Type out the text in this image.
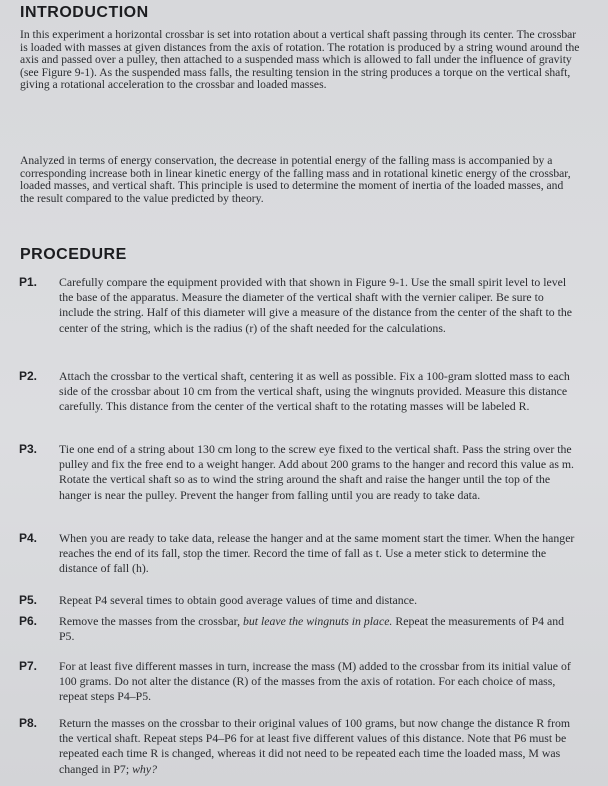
INTRODUCTION

In this experiment a horizontal crossbar is set into rotation about a vertical shaft passing through its center. The crossbar is loaded with masses at given distances from the axis of rotation. The rotation is produced by a string wound around the axis and passed over a pulley, then attached to a suspended mass which is allowed to fall under the influence of gravity (see Figure 9-1). As the suspended mass falls, the resulting tension in the string produces a torque on the vertical shaft, giving a rotational acceleration to the crossbar and loaded masses.

Analyzed in terms of energy conservation, the decrease in potential energy of the falling mass is accompanied by a corresponding increase both in linear kinetic energy of the falling mass and in rotational kinetic energy of the crossbar, loaded masses, and vertical shaft. This principle is used to determine the moment of inertia of the loaded masses, and the result compared to the value predicted by theory.

PROCEDURE
P1. Carefully compare the equipment provided with that shown in Figure 9-1. Use the small spirit level to level the base of the apparatus. Measure the diameter of the vertical shaft with the vernier caliper. Be sure to include the string. Half of this diameter will give a measure of the distance from the center of the shaft to the center of the string, which is the radius (r) of the shaft needed for the calculations.

P2. Attach the crossbar to the vertical shaft, centering it as well as possible. Fix a 100-gram slotted mass to each side of the crossbar about 10 cm from the vertical shaft, using the wingnuts provided. Measure this distance carefully. This distance from the center of the vertical shaft to the rotating masses will be labeled R.

P3. Tie one end of a string about 130 cm long to the screw eye fixed to the vertical shaft. Pass the string over the pulley and fix the free end to a weight hanger. Add about 200 grams to the hanger and record this value as m. Rotate the vertical shaft so as to wind the string around the shaft and raise the hanger until the top of the hanger is near the pulley. Prevent the hanger from falling until you are ready to take data.

P4. When you are ready to take data, release the hanger and at the same moment start the timer. When the hanger reaches the end of its fall, stop the timer. Record the time of fall as t. Use a meter stick to determine the distance of fall (h).

P5. Repeat P4 several times to obtain good average values of time and distance.

P6. Remove the masses from the crossbar, but leave the wingnuts in place. Repeat the measurements of P4 and P5.

P7. For at least five different masses in turn, increase the mass (M) added to the crossbar from its initial value of 100 grams. Do not alter the distance (R) of the masses from the axis of rotation. For each choice of mass, repeat steps P4–P5.

P8. Return the masses on the crossbar to their original values of 100 grams, but now change the distance R from the vertical shaft. Repeat steps P4–P6 for at least five different values of this distance. Note that P6 must be repeated each time R is changed, whereas it did not need to be repeated each time the loaded mass, M was changed in P7; why?
